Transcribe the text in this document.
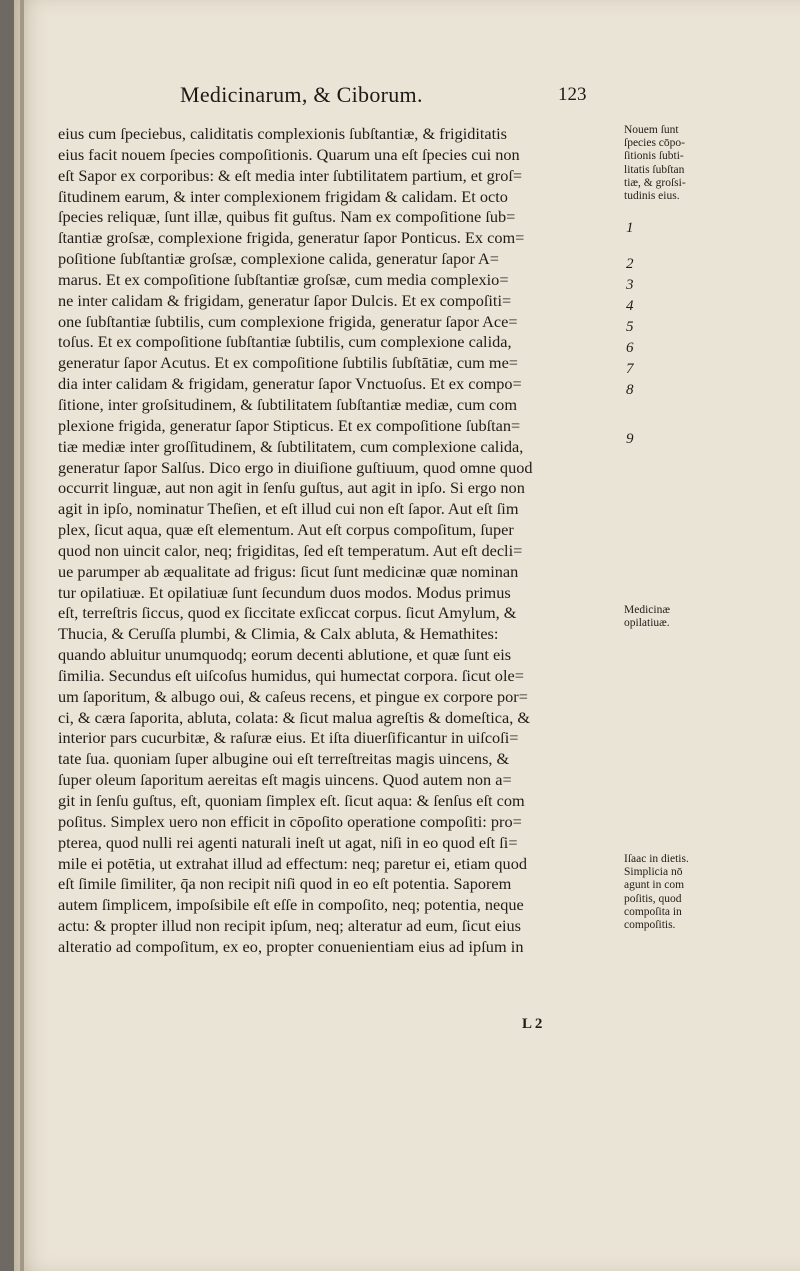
Medicinarum, & Ciborum.	123
eius cum ſpeciebus, caliditatis complexionis ſubſtantiæ, & frigiditatis
eius facit nouem ſpecies compoſitionis. Quarum una eſt ſpecies cui non
eſt Sapor ex corporibus: & eſt media inter ſubtilitatem partium, et groſ=
ſitudinem earum, & inter complexionem frigidam & calidam. Et octo
ſpecies reliquæ, ſunt illæ, quibus fit guſtus. Nam ex compoſitione ſub=
ſtantiæ groſsæ, complexione frigida, generatur ſapor Ponticus. Ex com=
poſitione ſubſtantiæ groſsæ, complexione calida, generatur ſapor A=
marus. Et ex compoſitione ſubſtantiæ groſsæ, cum media complexio=
ne inter calidam & frigidam, generatur ſapor Dulcis. Et ex compoſiti=
one ſubſtantiæ ſubtilis, cum complexione frigida, generatur ſapor Ace=
toſus. Et ex compoſitione ſubſtantiæ ſubtilis, cum complexione calida,
generatur ſapor Acutus. Et ex compoſitione ſubtilis ſubſtātiæ, cum me=
dia inter calidam & frigidam, generatur ſapor Vnctuoſus. Et ex compo=
ſitione, inter groſsitudinem, & ſubtilitatem ſubſtantiæ mediæ, cum com
plexione frigida, generatur ſapor Stipticus. Et ex compoſitione ſubſtan=
tiæ mediæ inter groſſitudinem, & ſubtilitatem, cum complexione calida,
generatur ſapor Salſus. Dico ergo in diuiſione guſtiuum, quod omne quod
occurrit linguæ, aut non agit in ſenſu guſtus, aut agit in ipſo. Si ergo non
agit in ipſo, nominatur Theſien, et eſt illud cui non eſt ſapor. Aut eſt ſim
plex, ſicut aqua, quæ eſt elementum. Aut eſt corpus compoſitum, ſuper
quod non uincit calor, neq; frigiditas, ſed eſt temperatum. Aut eſt decli=
ue parumper ab æqualitate ad frigus: ſicut ſunt medicinæ quæ nominan
tur opilatiuæ. Et opilatiuæ ſunt ſecundum duos modos. Modus primus
eſt, terreſtris ſiccus, quod ex ſiccitate exſiccat corpus. ſicut Amylum, &
Thucia, & Ceruſſa plumbi, & Climia, & Calx abluta, & Hemathites:
quando abluitur unumquodq; eorum decenti ablutione, et quæ ſunt eis
ſimilia. Secundus eſt uiſcoſus humidus, qui humectat corpora. ſicut ole=
um ſaporitum, & albugo oui, & caſeus recens, et pingue ex corpore por=
ci, & cæra ſaporita, abluta, colata: & ſicut malua agreſtis & domeſtica, &
interior pars cucurbitæ, & raſuræ eius. Et iſta diuerſificantur in uiſcoſi=
tate ſua. quoniam ſuper albugine oui eſt terreſtreitas magis uincens, &
ſuper oleum ſaporitum aereitas eſt magis uincens. Quod autem non a=
git in ſenſu guſtus, eſt, quoniam ſimplex eſt. ſicut aqua: & ſenſus eſt com
poſitus. Simplex uero non efficit in cōpoſito operatione compoſiti: pro=
pterea, quod nulli rei agenti naturali ineſt ut agat, niſi in eo quod eſt ſi=
mile ei potētia, ut extrahat illud ad effectum: neq; paretur ei, etiam quod
eſt ſimile ſimiliter, q̄a non recipit niſi quod in eo eſt potentia. Saporem
autem ſimplicem, impoſsibile eſt eſſe in compoſito, neq; potentia, neque
actu: & propter illud non recipit ipſum, neq; alteratur ad eum, ſicut eius
alteratio ad compoſitum, ex eo, propter conuenientiam eius ad ipſum in
Nouem ſunt
ſpecies cōpo-
ſitionis ſubti-
litatis ſubſtan
tiæ, & groſsi-
tudinis eius.
1
2
3
4
5
6
7
8
9
Medicinæ
opilatiuæ.
Iſaac in dietis.
Simplicia nō
agunt in com
poſitis, quod
compoſita in
compoſitis.
L 2
